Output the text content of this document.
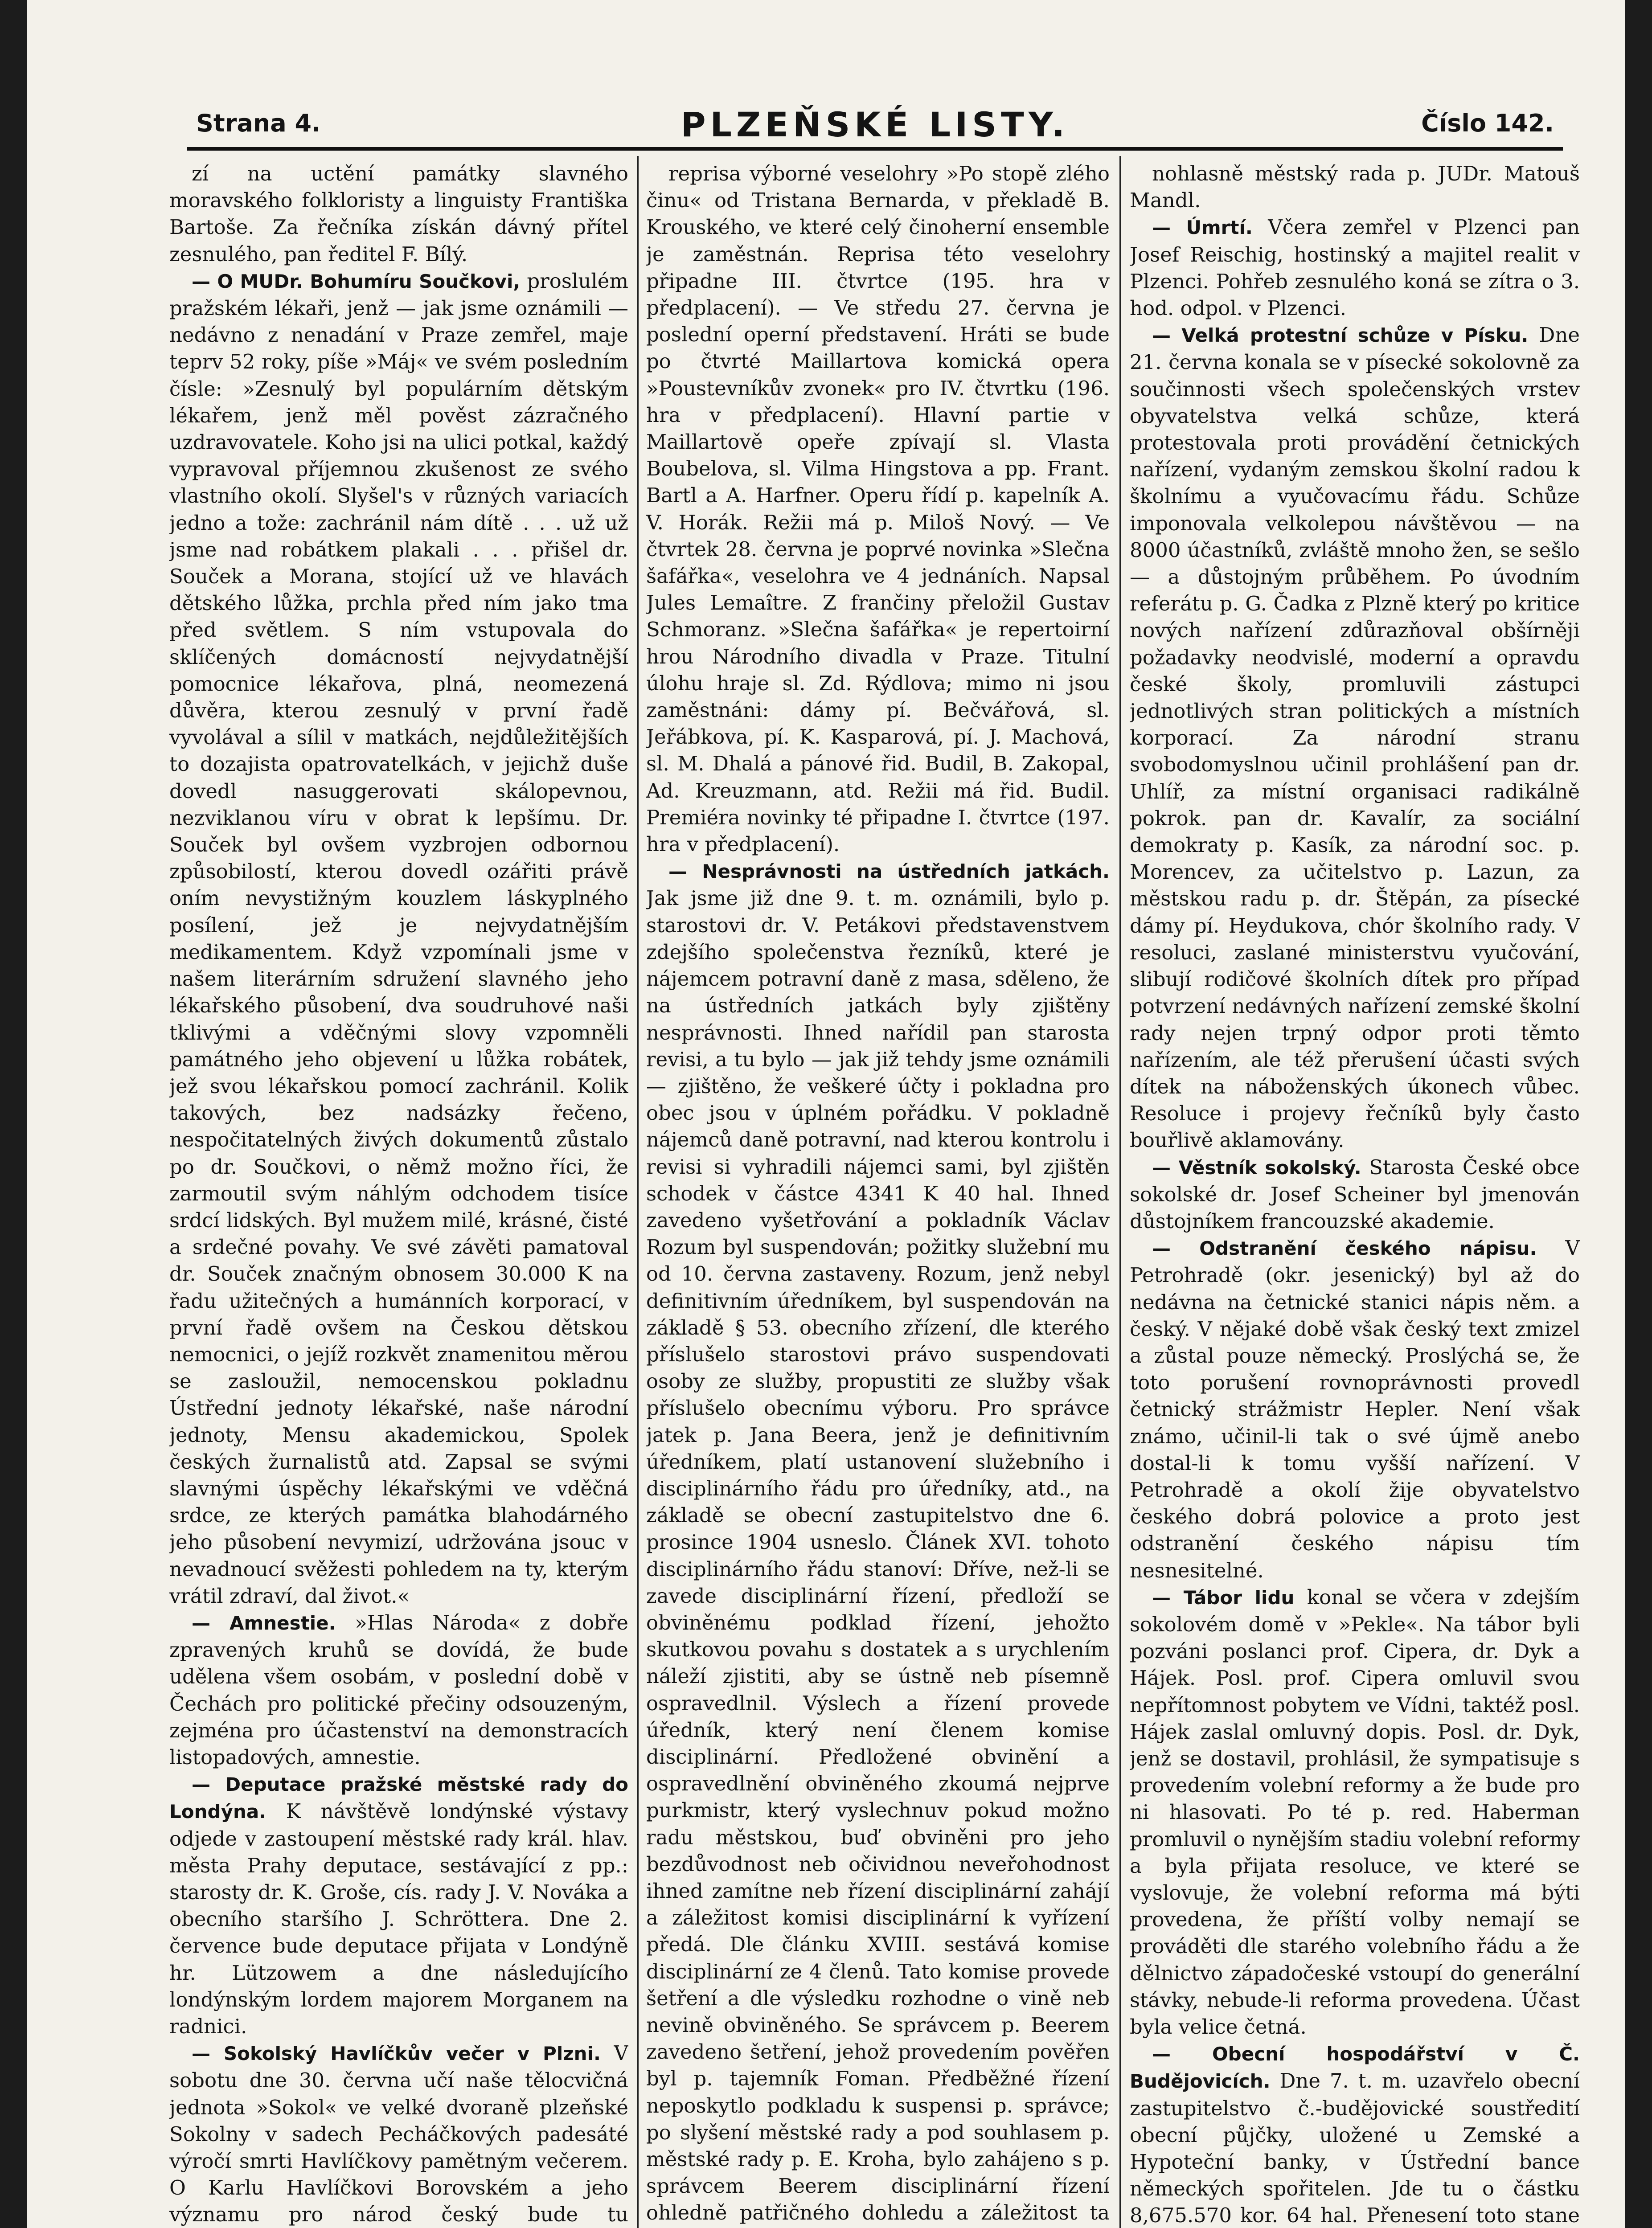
Strana 4.	PLZEŇSKÉ LISTY.	Číslo 142.

zí na uctění památky slavného moravského folkloristy a linguisty Františka Bartoše. Za řečníka získán dávný přítel zesnulého, pan ředitel F. Bílý.

— O MUDr. Bohumíru Součkovi, proslulém pražském lékaři, jenž — jak jsme oznámili — nedávno z nenadání v Praze zemřel, maje teprv 52 roky, píše »Máj« ve svém posledním čísle: »Zesnulý byl populárním dětským lékařem, jenž měl pověst zázračného uzdravovatele. Koho jsi na ulici potkal, každý vypravoval příjemnou zkušenost ze svého vlastního okolí. Slyšel's v různých variacích jedno a tože: zachránil nám dítě . . . už už jsme nad robátkem plakali . . . přišel dr. Souček a Morana, stojící už ve hlavách dětského lůžka, prchla před ním jako tma před světlem. S ním vstupovala do sklíčených domácností nejvydatnější pomocnice lékařova, plná, neomezená důvěra, kterou zesnulý v první řadě vyvolával a sílil v matkách, nejdůležitějších to dozajista opatrovatelkách, v jejichž duše dovedl nasuggerovati skálopevnou, nezviklanou víru v obrat k lepšímu. Dr. Souček byl ovšem vyzbrojen odbornou způsobilostí, kterou dovedl ozářiti právě oním nevystižným kouzlem láskyplného posílení, jež je nejvydatnějším medikamentem. Když vzpomínali jsme v našem literárním sdružení slavného jeho lékařského působení, dva soudruhové naši tklivými a vděčnými slovy vzpomněli památného jeho objevení u lůžka robátek, jež svou lékařskou pomocí zachránil. Kolik takových, bez nadsázky řečeno, nespočitatelných živých dokumentů zůstalo po dr. Součkovi, o němž možno říci, že zarmoutil svým náhlým odchodem tisíce srdcí lidských. Byl mužem milé, krásné, čisté a srdečné povahy. Ve své závěti pamatoval dr. Souček značným obnosem 30.000 K na řadu užitečných a humánních korporací, v první řadě ovšem na Českou dětskou nemocnici, o jejíž rozkvět znamenitou měrou se zasloužil, nemocenskou pokladnu Ústřední jednoty lékařské, naše národní jednoty, Mensu akademickou, Spolek českých žurnalistů atd. Zapsal se svými slavnými úspěchy lékařskými ve vděčná srdce, ze kterých památka blahodárného jeho působení nevymizí, udržována jsouc v nevadnoucí svěžesti pohledem na ty, kterým vrátil zdraví, dal život.«

— Amnestie. »Hlas Národa« z dobře zpravených kruhů se dovídá, že bude udělena všem osobám, v poslední době v Čechách pro politické přečiny odsouzeným, zejména pro účastenství na demonstracích listopadových, amnestie.

— Deputace pražské městské rady do Londýna. K návštěvě londýnské výstavy odjede v zastoupení městské rady král. hlav. města Prahy deputace, sestávající z pp.: starosty dr. K. Groše, cís. rady J. V. Nováka a obecního staršího J. Schröttera. Dne 2. července bude deputace přijata v Londýně hr. Lützowem a dne následujícího londýnským lordem majorem Morganem na radnici.

— Sokolský Havlíčkův večer v Plzni. V sobotu dne 30. června učí naše tělocvičná jednota »Sokol« ve velké dvoraně plzeňské Sokolny v sadech Pecháčkových padesáté výročí smrti Havlíčkovy pamětným večerem. O Karlu Havlíčkovi Borovském a jeho významu pro národ český bude tu

reprisa výborné veselohry »Po stopě zlého činu« od Tristana Bernarda, v překladě B. Krouského, ve které celý činoherní ensemble je zaměstnán. Reprisa této veselohry připadne III. čtvrtce (195. hra v předplacení). — Ve středu 27. června je poslední operní představení. Hráti se bude po čtvrté Maillartova komická opera »Poustevníkův zvonek« pro IV. čtvrtku (196. hra v předplacení). Hlavní partie v Maillartově opeře zpívají sl. Vlasta Boubelova, sl. Vilma Hingstova a pp. Frant. Bartl a A. Harfner. Operu řídí p. kapelník A. V. Horák. Režii má p. Miloš Nový. — Ve čtvrtek 28. června je poprvé novinka »Slečna šafářka«, veselohra ve 4 jednáních. Napsal Jules Lemaître. Z frančiny přeložil Gustav Schmoranz. »Slečna šafářka« je repertoirní hrou Národního divadla v Praze. Titulní úlohu hraje sl. Zd. Rýdlova; mimo ni jsou zaměstnáni: dámy pí. Bečvářová, sl. Jeřábkova, pí. K. Kasparová, pí. J. Machová, sl. M. Dhalá a pánové řid. Budil, B. Zakopal, Ad. Kreuzmann, atd. Režii má řid. Budil. Premiéra novinky té připadne I. čtvrtce (197. hra v předplacení).

— Nesprávnosti na ústředních jatkách. Jak jsme již dne 9. t. m. oznámili, bylo p. starostovi dr. V. Petákovi představenstvem zdejšího společenstva řezníků, které je nájemcem potravní daně z masa, sděleno, že na ústředních jatkách byly zjištěny nesprávnosti. Ihned nařídil pan starosta revisi, a tu bylo — jak již tehdy jsme oznámili — zjištěno, že veškeré účty i pokladna pro obec jsou v úplném pořádku. V pokladně nájemců daně potravní, nad kterou kontrolu i revisi si vyhradili nájemci sami, byl zjištěn schodek v částce 4341 K 40 hal. Ihned zavedeno vyšetřování a pokladník Václav Rozum byl suspendován; požitky služební mu od 10. června zastaveny. Rozum, jenž nebyl definitivním úředníkem, byl suspendován na základě § 53. obecního zřízení, dle kterého příslušelo starostovi právo suspendovati osoby ze služby, propustiti ze služby však příslušelo obecnímu výboru. Pro správce jatek p. Jana Beera, jenž je definitivním úředníkem, platí ustanovení služebního i disciplinárního řádu pro úředníky, atd., na základě se obecní zastupitelstvo dne 6. prosince 1904 usneslo. Článek XVI. tohoto disciplinárního řádu stanoví: Dříve, než-li se zavede disciplinární řízení, předloží se obviněnému podklad řízení, jehožto skutkovou povahu s dostatek a s urychlením náleží zjistiti, aby se ústně neb písemně ospravedlnil. Výslech a řízení provede úředník, který není členem komise disciplinární. Předložené obvinění a ospravedlnění obviněného zkoumá nejprve purkmistr, který vyslechnuv pokud možno radu městskou, buď obviněni pro jeho bezdůvodnost neb očividnou neveřohodnost ihned zamítne neb řízení disciplinární zahájí a záležitost komisi disciplinární k vyřízení předá. Dle článku XVIII. sestává komise disciplinární ze 4 členů. Tato komise provede šetření a dle výsledku rozhodne o vině neb nevině obviněného. Se správcem p. Beerem zavedeno šetření, jehož provedením pověřen byl p. tajemník Foman. Předběžné řízení neposkytlo podkladu k suspensi p. správce; po slyšení městské rady a pod souhlasem p. městské rady p. E. Kroha, bylo zahájeno s p. správcem Beerem disciplinární řízení ohledně patřičného dohledu a záležitost ta

nohlasně městský rada p. JUDr. Matouš Mandl.

— Úmrtí. Včera zemřel v Plzenci pan Josef Reischig, hostinský a majitel realit v Plzenci. Pohřeb zesnulého koná se zítra o 3. hod. odpol. v Plzenci.

— Velká protestní schůze v Písku. Dne 21. června konala se v písecké sokolovně za součinnosti všech společenských vrstev obyvatelstva velká schůze, která protestovala proti provádění četnických nařízení, vydaným zemskou školní radou k školnímu a vyučovacímu řádu. Schůze imponovala velkolepou návštěvou — na 8000 účastníků, zvláště mnoho žen, se sešlo — a důstojným průběhem. Po úvodním referátu p. G. Čadka z Plzně který po kritice nových nařízení zdůrazňoval obšírněji požadavky neodvislé, moderní a opravdu české školy, promluvili zástupci jednotlivých stran politických a místních korporací. Za národní stranu svobodomyslnou učinil prohlášení pan dr. Uhlíř, za místní organisaci radikálně pokrok. pan dr. Kavalír, za sociální demokraty p. Kasík, za národní soc. p. Morencev, za učitelstvo p. Lazun, za městskou radu p. dr. Štěpán, za písecké dámy pí. Heydukova, chór školního rady. V resoluci, zaslané ministerstvu vyučování, slibují rodičové školních dítek pro případ potvrzení nedávných nařízení zemské školní rady nejen trpný odpor proti těmto nařízením, ale též přerušení účasti svých dítek na náboženských úkonech vůbec. Resoluce i projevy řečníků byly často bouřlivě aklamovány.

— Věstník sokolský. Starosta České obce sokolské dr. Josef Scheiner byl jmenován důstojníkem francouzské akademie.

— Odstranění českého nápisu. V Petrohradě (okr. jesenický) byl až do nedávna na četnické stanici nápis něm. a český. V nějaké době však český text zmizel a zůstal pouze německý. Proslýchá se, že toto porušení rovnoprávnosti provedl četnický strážmistr Hepler. Není však známo, učinil-li tak o své újmě anebo dostal-li k tomu vyšší nařízení. V Petrohradě a okolí žije obyvatelstvo českého dobrá polovice a proto jest odstranění českého nápisu tím nesnesitelné.

— Tábor lidu konal se včera v zdejším sokolovém domě v »Pekle«. Na tábor byli pozváni poslanci prof. Cipera, dr. Dyk a Hájek. Posl. prof. Cipera omluvil svou nepřítomnost pobytem ve Vídni, taktéž posl. Hájek zaslal omluvný dopis. Posl. dr. Dyk, jenž se dostavil, prohlásil, že sympatisuje s provedením volební reformy a že bude pro ni hlasovati. Po té p. red. Haberman promluvil o nynějším stadiu volební reformy a byla přijata resoluce, ve které se vyslovuje, že volební reforma má býti provedena, že příští volby nemají se prováděti dle starého volebního řádu a že dělnictvo západočeské vstoupí do generální stávky, nebude-li reforma provedena. Účast byla velice četná.

— Obecní hospodářství v Č. Budějovicích. Dne 7. t. m. uzavřelo obecní zastupitelstvo č.-budějovické soustředití obecní půjčky, uložené u Zemské a Hypoteční banky, v Ústřední bance německých spořitelen. Jde tu o částku 8,675.570 kor. 64 hal. Přenesení toto stane
